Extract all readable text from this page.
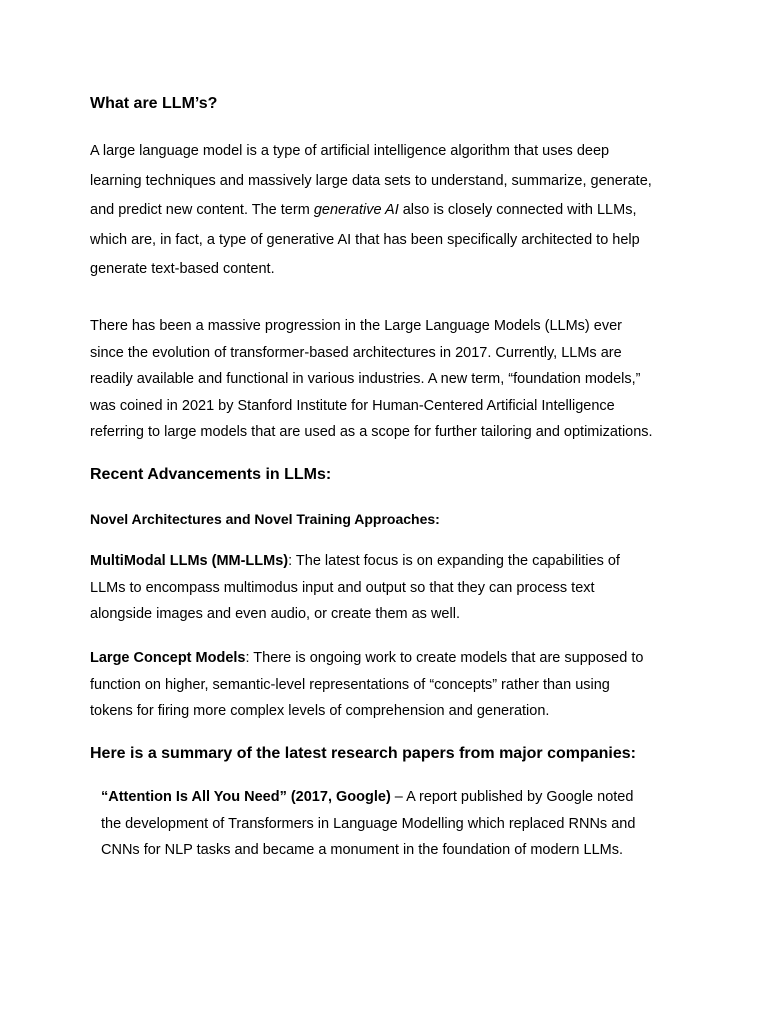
What are LLM’s?

A large language model is a type of artificial intelligence algorithm that uses deep
learning techniques and massively large data sets to understand, summarize, generate,
and predict new content. The term generative AI also is closely connected with LLMs,
which are, in fact, a type of generative AI that has been specifically architected to help
generate text-based content.

There has been a massive progression in the Large Language Models (LLMs) ever
since the evolution of transformer-based architectures in 2017. Currently, LLMs are
readily available and functional in various industries. A new term, “foundation models,”
was coined in 2021 by Stanford Institute for Human-Centered Artificial Intelligence
referring to large models that are used as a scope for further tailoring and optimizations.

Recent Advancements in LLMs:
Novel Architectures and Novel Training Approaches:

MultiModal LLMs (MM-LLMs): The latest focus is on expanding the capabilities of
LLMs to encompass multimodus input and output so that they can process text
alongside images and even audio, or create them as well.

Large Concept Models: There is ongoing work to create models that are supposed to
function on higher, semantic-level representations of “concepts” rather than using
tokens for firing more complex levels of comprehension and generation.

Here is a summary of the latest research papers from major companies:

“Attention Is All You Need” (2017, Google) – A report published by Google noted
the development of Transformers in Language Modelling which replaced RNNs and
CNNs for NLP tasks and became a monument in the foundation of modern LLMs.
